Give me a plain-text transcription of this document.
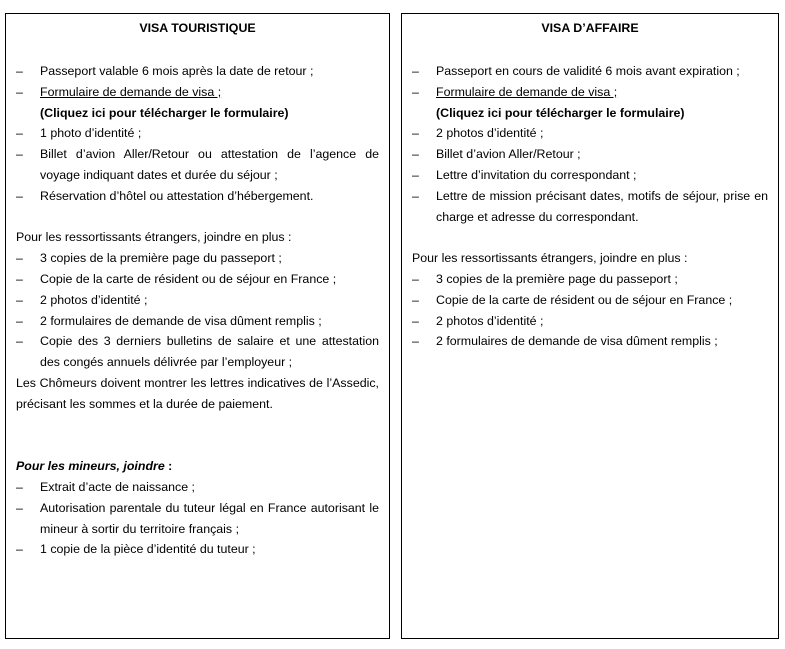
VISA TOURISTIQUE
– Passeport valable 6 mois après la date de retour ;
– Formulaire de demande de visa ;
(Cliquez ici pour télécharger le formulaire)
– 1 photo d’identité ;
– Billet d’avion Aller/Retour ou attestation de l’agence de voyage indiquant dates et durée du séjour ;
– Réservation d’hôtel ou attestation d’hébergement.

Pour les ressortissants étrangers, joindre en plus :

– 3 copies de la première page du passeport ;
– Copie de la carte de résident ou de séjour en France ;
– 2 photos d’identité ;
– 2 formulaires de demande de visa dûment remplis ;
– Copie des 3 derniers bulletins de salaire et une attestation des congés annuels délivrée par l’employeur ;

Les Chômeurs doivent montrer les lettres indicatives de l’Assedic, précisant les sommes et la durée de paiement.

Pour les mineurs, joindre :

– Extrait d’acte de naissance ;
– Autorisation parentale du tuteur légal en France autorisant le mineur à sortir du territoire français ;
– 1 copie de la pièce d’identité du tuteur ;
VISA D’AFFAIRE
– Passeport en cours de validité 6 mois avant expiration ;
– Formulaire de demande de visa ;
(Cliquez ici pour télécharger le formulaire)
– 2 photos d’identité ;
– Billet d’avion Aller/Retour ;
– Lettre d’invitation du correspondant ;
– Lettre de mission précisant dates, motifs de séjour, prise en charge et adresse du correspondant.

Pour les ressortissants étrangers, joindre en plus :

– 3 copies de la première page du passeport ;
– Copie de la carte de résident ou de séjour en France ;
– 2 photos d’identité ;
– 2 formulaires de demande de visa dûment remplis ;
